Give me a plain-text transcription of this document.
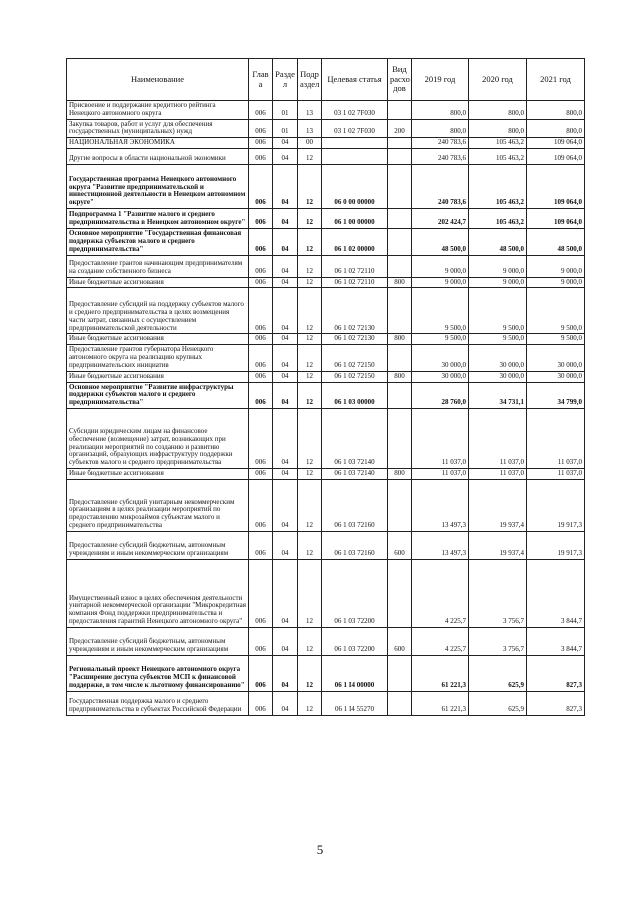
Наименование	Глав а	Разде л	Подр аздел	Целевая статья	Вид расхо дов	2019 год	2020 год	2021 год
Присвоение и поддержание кредитного рейтинга Ненецкого автономного округа	006	01	13	03 1 02 7F030		800,0	800,0	800,0
Закупка товаров, работ и услуг для обеспечения государственных (муниципальных) нужд	006	01	13	03 1 02 7F030	200	800,0	800,0	800,0
НАЦИОНАЛЬНАЯ ЭКОНОМИКА	006	04	00			240 783,6	105 463,2	109 064,0
Другие вопросы в области национальной экономики	006	04	12			240 783,6	105 463,2	109 064,0
Государственная программа Ненецкого автономного округа "Развитие предпринимательской и инвестиционной деятельности в Ненецком автономном округе"	006	04	12	06 0 00 00000		240 783,6	105 463,2	109 064,0
Подпрограмма 1 "Развитие малого и среднего предпринимательства в Ненецком автономном округе"	006	04	12	06 1 00 00000		202 424,7	105 463,2	109 064,0
Основное мероприятие "Государственная финансовая поддержка субъектов малого и среднего предпринимательства"	006	04	12	06 1 02 00000		48 500,0	48 500,0	48 500,0
Предоставление грантов начинающим предпринимателям на создание собственного бизнеса	006	04	12	06 1 02 72110		9 000,0	9 000,0	9 000,0
Иные бюджетные ассигнования	006	04	12	06 1 02 72110	800	9 000,0	9 000,0	9 000,0
Предоставление субсидий на поддержку субъектов малого и среднего предпринимательства в целях возмещения части затрат, связанных с осуществлением предпринимательской деятельности	006	04	12	06 1 02 72130		9 500,0	9 500,0	9 500,0
Иные бюджетные ассигнования	006	04	12	06 1 02 72130	800	9 500,0	9 500,0	9 500,0
Предоставление грантов губернатора Ненецкого автономного округа на реализацию крупных предпринимательских инициатив	006	04	12	06 1 02 72150		30 000,0	30 000,0	30 000,0
Иные бюджетные ассигнования	006	04	12	06 1 02 72150	800	30 000,0	30 000,0	30 000,0
Основное мероприятие "Развитие инфраструктуры поддержки субъектов малого и среднего предпринимательства"	006	04	12	06 1 03 00000		28 760,0	34 731,1	34 799,0
Субсидии юридическим лицам на финансовое обеспечение (возмещение) затрат, возникающих при реализации мероприятий по созданию и развитию организаций, образующих инфраструктуру поддержки субъектов малого и среднего предпринимательства	006	04	12	06 1 03 72140		11 037,0	11 037,0	11 037,0
Иные бюджетные ассигнования	006	04	12	06 1 03 72140	800	11 037,0	11 037,0	11 037,0
Предоставление субсидий унитарным некоммерческим организациям в целях реализации мероприятий по предоставлению микрозаймов субъектам малого и среднего предпринимательства	006	04	12	06 1 03 72160		13 497,3	19 937,4	19 917,3
Предоставление субсидий бюджетным, автономным учреждениям и иным некоммерческим организациям	006	04	12	06 1 03 72160	600	13 497,3	19 937,4	19 917,3
Имущественный взнос в целях обеспечения деятельности унитарной некоммерческой организации "Микрокредитная компания Фонд поддержки предпринимательства и предоставления гарантий Ненецкого автономного округа"	006	04	12	06 1 03 72200		4 225,7	3 756,7	3 844,7
Предоставление субсидий бюджетным, автономным учреждениям и иным некоммерческим организациям	006	04	12	06 1 03 72200	600	4 225,7	3 756,7	3 844,7
Региональный проект Ненецкого автономного округа "Расширение доступа субъектов МСП к финансовой поддержке, в том числе к льготному финансированию"	006	04	12	06 1 I4 00000		61 221,3	625,9	827,3
Государственная поддержка малого и среднего предпринимательства в субъектах Российской Федерации	006	04	12	06 1 I4 55270		61 221,3	625,9	827,3
5
